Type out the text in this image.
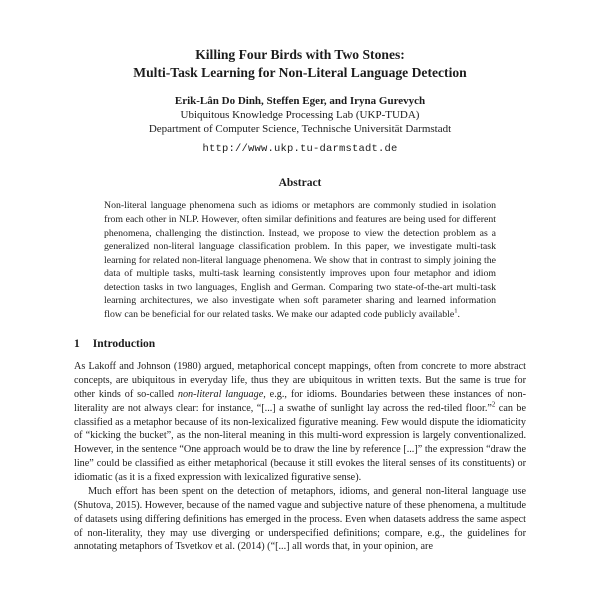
Killing Four Birds with Two Stones:
Multi-Task Learning for Non-Literal Language Detection
Erik-Lân Do Dinh, Steffen Eger, and Iryna Gurevych
Ubiquitous Knowledge Processing Lab (UKP-TUDA)
Department of Computer Science, Technische Universität Darmstadt
http://www.ukp.tu-darmstadt.de
Abstract

Non-literal language phenomena such as idioms or metaphors are commonly studied in isolation from each other in NLP. However, often similar definitions and features are being used for different phenomena, challenging the distinction. Instead, we propose to view the detection problem as a generalized non-literal language classification problem. In this paper, we investigate multi-task learning for related non-literal language phenomena. We show that in contrast to simply joining the data of multiple tasks, multi-task learning consistently improves upon four metaphor and idiom detection tasks in two languages, English and German. Comparing two state-of-the-art multi-task learning architectures, we also investigate when soft parameter sharing and learned information flow can be beneficial for our related tasks. We make our adapted code publicly available$^1$.

1 Introduction

As Lakoff and Johnson (1980) argued, metaphorical concept mappings, often from concrete to more abstract concepts, are ubiquitous in everyday life, thus they are ubiquitous in written texts. But the same is true for other kinds of so-called non-literal language, e.g., for idioms. Boundaries between these instances of non-literality are not always clear: for instance, “[...] a swathe of sunlight lay across the red-tiled floor.”$^2$ can be classified as a metaphor because of its non-lexicalized figurative meaning. Few would dispute the idiomaticity of “kicking the bucket”, as the non-literal meaning in this multi-word expression is largely conventionalized. However, in the sentence “One approach would be to draw the line by reference [...]” the expression “draw the line” could be classified as either metaphorical (because it still evokes the literal senses of its constituents) or idiomatic (as it is a fixed expression with lexicalized figurative sense).

Much effort has been spent on the detection of metaphors, idioms, and general non-literal language use (Shutova, 2015). However, because of the named vague and subjective nature of these phenomena, a multitude of datasets using differing definitions has emerged in the process. Even when datasets address the same aspect of non-literality, they may use diverging or underspecified definitions; compare, e.g., the guidelines for annotating metaphors of Tsvetkov et al. (2014) (“[...] all words that, in your opinion, are
